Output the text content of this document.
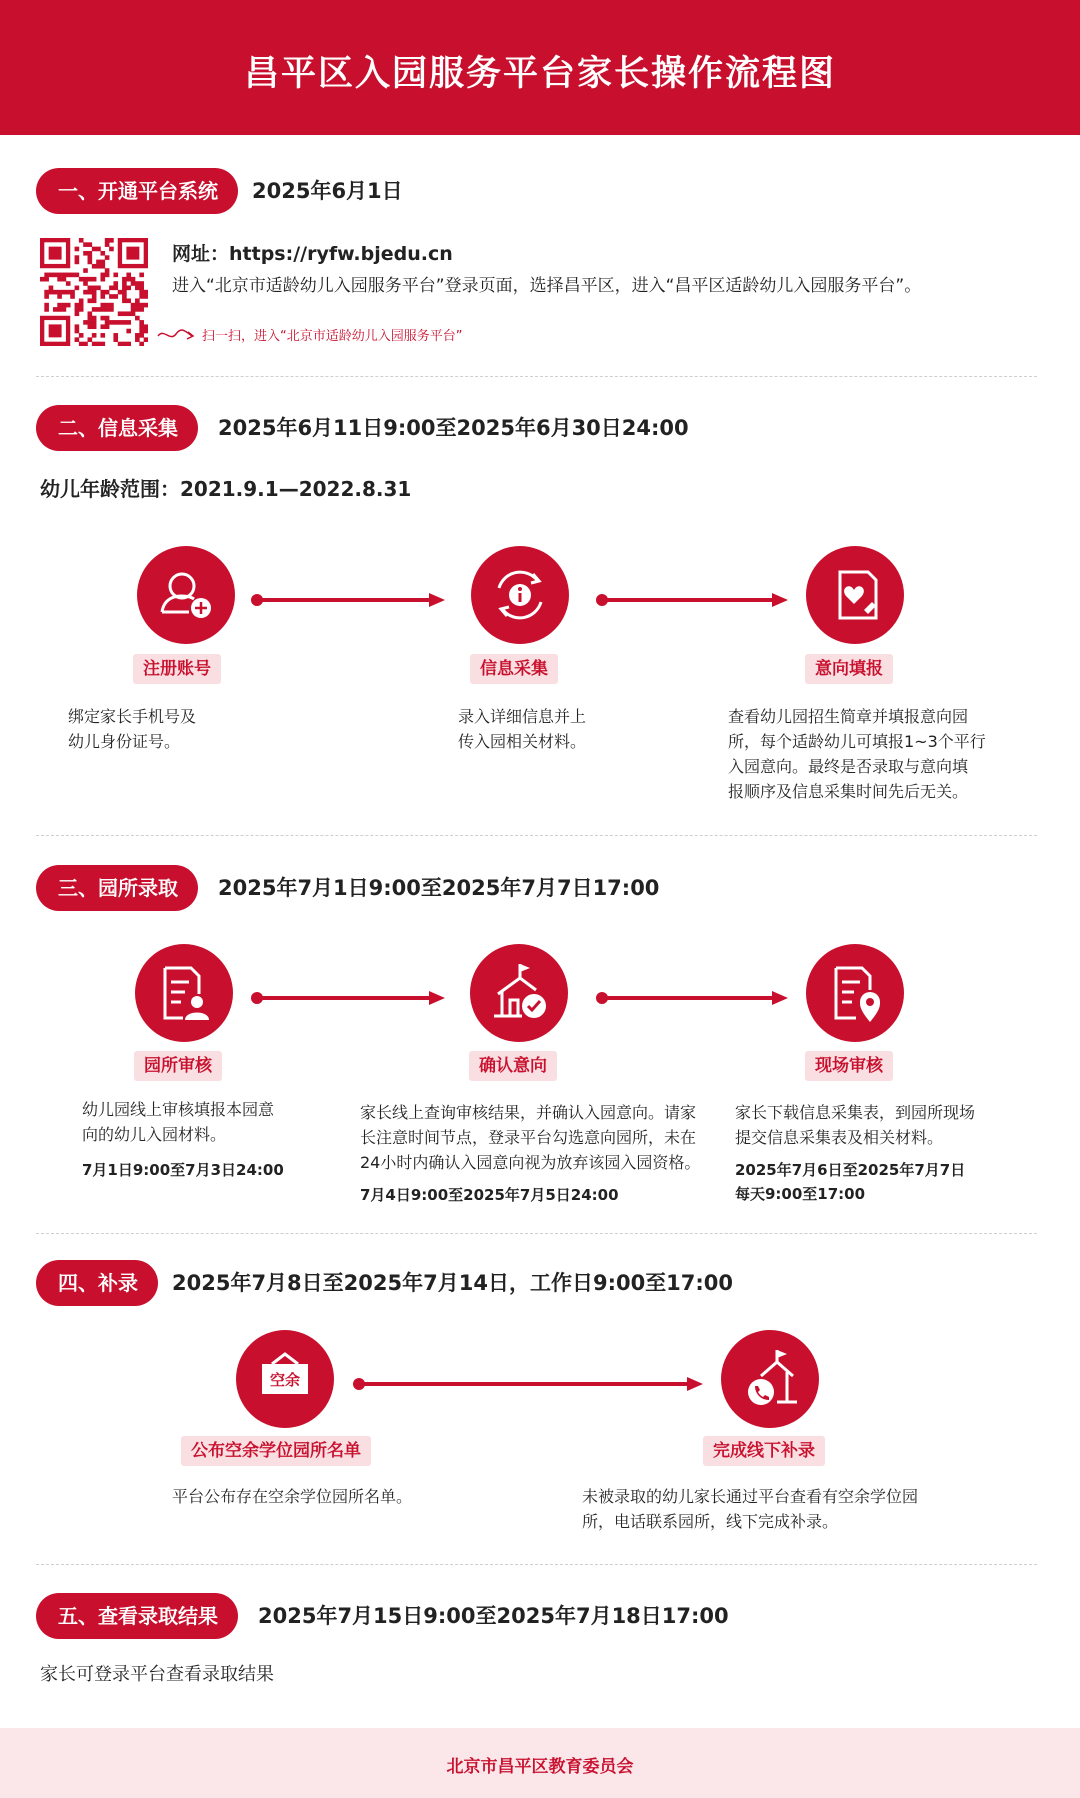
昌平区入园服务平台家长操作流程图
一、开通平台系统	2025年6月1日
网址：https://ryfw.bjedu.cn
进入“北京市适龄幼儿入园服务平台”登录页面，选择昌平区，进入“昌平区适龄幼儿入园服务平台”。
扫一扫，进入“北京市适龄幼儿入园服务平台”
二、信息采集	2025年6月11日9:00至2025年6月30日24:00
幼儿年龄范围：2021.9.1—2022.8.31
注册账号
绑定家长手机号及
幼儿身份证号。
信息采集
录入详细信息并上
传入园相关材料。
意向填报
查看幼儿园招生简章并填报意向园
所，每个适龄幼儿可填报1~3个平行
入园意向。最终是否录取与意向填
报顺序及信息采集时间先后无关。
三、园所录取	2025年7月1日9:00至2025年7月7日17:00
园所审核
幼儿园线上审核填报本园意
向的幼儿入园材料。
7月1日9:00至7月3日24:00
确认意向
家长线上查询审核结果，并确认入园意向。请家
长注意时间节点，登录平台勾选意向园所，未在
24小时内确认入园意向视为放弃该园入园资格。
7月4日9:00至2025年7月5日24:00
现场审核
家长下载信息采集表，到园所现场
提交信息采集表及相关材料。
2025年7月6日至2025年7月7日
每天9:00至17:00
四、补录	2025年7月8日至2025年7月14日，工作日9:00至17:00
空余
公布空余学位园所名单
平台公布存在空余学位园所名单。
完成线下补录
未被录取的幼儿家长通过平台查看有空余学位园
所，电话联系园所，线下完成补录。
五、查看录取结果	2025年7月15日9:00至2025年7月18日17:00
家长可登录平台查看录取结果
北京市昌平区教育委员会
